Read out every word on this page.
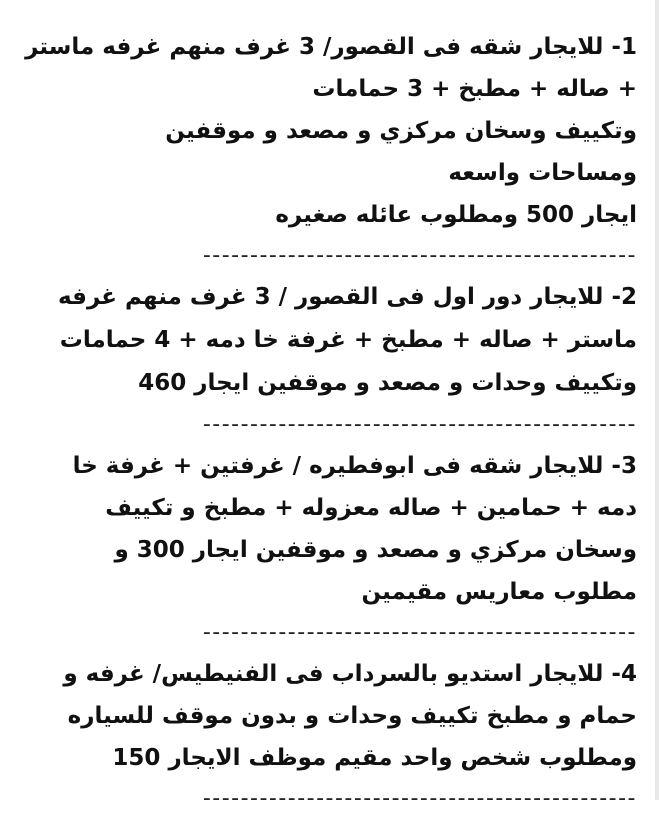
1- للايجار شقه فى القصور/ 3 غرف منهم غرفه ماستر
+ صاله + مطبخ + 3 حمامات
وتكييف وسخان مركزي و مصعد و موقفين
ومساحات واسعه
ايجار 500 ومطلوب عائله صغيره
----------------------------------------------
2- للايجار دور اول فى القصور / 3 غرف منهم غرفه
ماستر + صاله + مطبخ + غرفة خا دمه + 4 حمامات
وتكييف وحدات و مصعد و موقفين ايجار 460
----------------------------------------------
3- للايجار شقه فى ابوفطيره / غرفتين + غرفة خا
دمه + حمامين + صاله معزوله + مطبخ و تكييف
وسخان مركزي و مصعد و موقفين ايجار 300 و
مطلوب معاريس مقيمين
----------------------------------------------
4- للايجار استديو بالسرداب فى الفنيطيس/ غرفه و
حمام و مطبخ تكييف وحدات و بدون موقف للسياره
ومطلوب شخص واحد مقيم موظف الايجار 150
----------------------------------------------
